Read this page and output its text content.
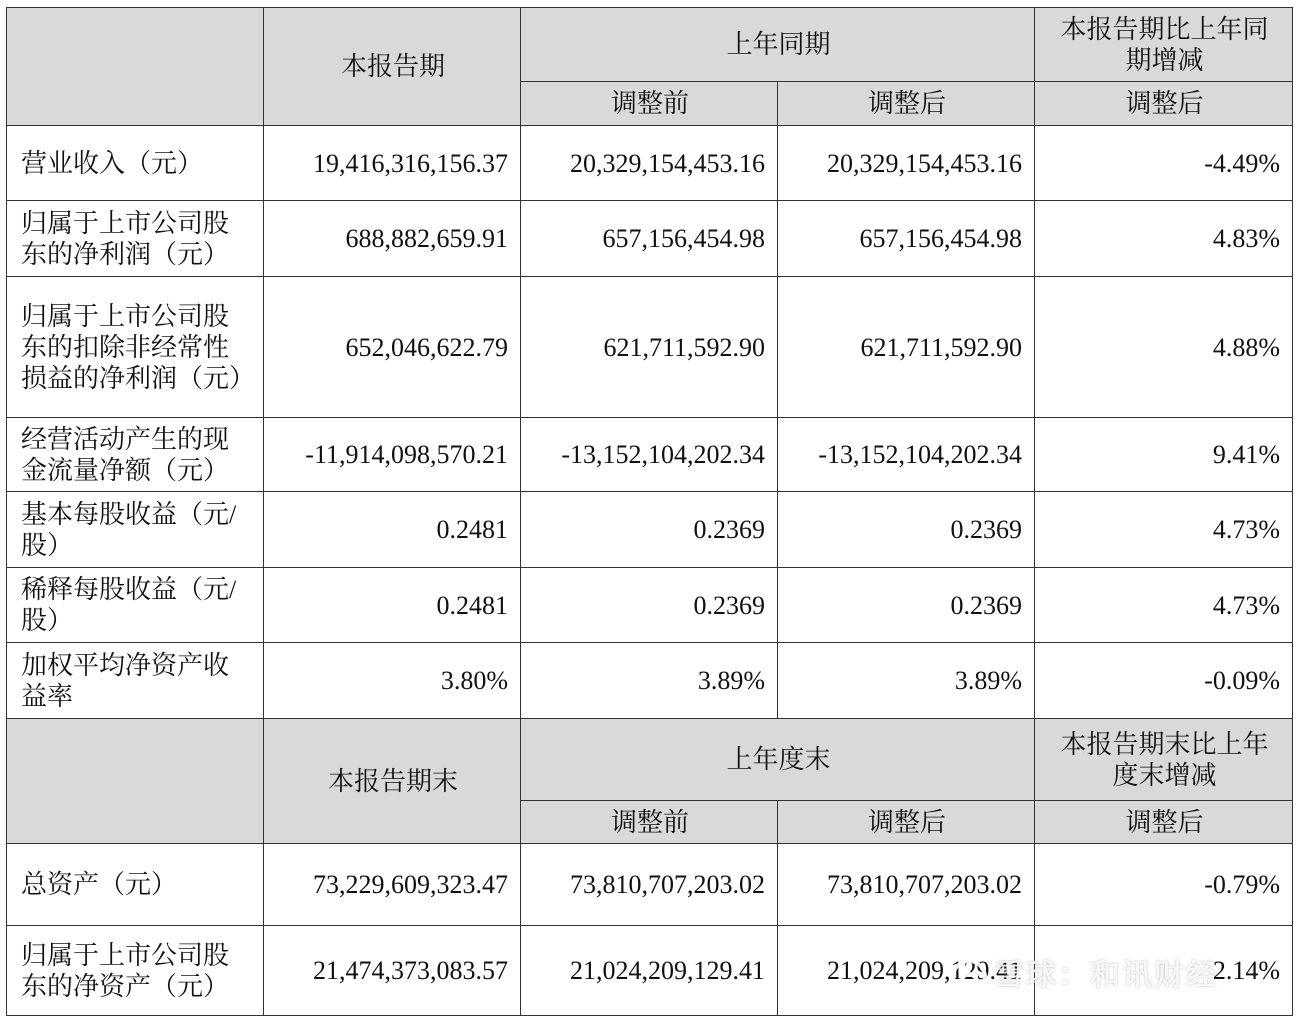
	本报告期	上年同期		本报告期比上年同期增减
		调整前	调整后	调整后
营业收入（元）	19,416,316,156.37	20,329,154,453.16	20,329,154,453.16	-4.49%
归属于上市公司股东的净利润（元）	688,882,659.91	657,156,454.98	657,156,454.98	4.83%
归属于上市公司股东的扣除非经常性损益的净利润（元）	652,046,622.79	621,711,592.90	621,711,592.90	4.88%
经营活动产生的现金流量净额（元）	-11,914,098,570.21	-13,152,104,202.34	-13,152,104,202.34	9.41%
基本每股收益（元/股）	0.2481	0.2369	0.2369	4.73%
稀释每股收益（元/股）	0.2481	0.2369	0.2369	4.73%
加权平均净资产收益率	3.80%	3.89%	3.89%	-0.09%
	本报告期末	上年度末		本报告期末比上年度末增减
		调整前	调整后	调整后
总资产（元）	73,229,609,323.47	73,810,707,203.02	73,810,707,203.02	-0.79%
归属于上市公司股东的净资产（元）	21,474,373,083.57	21,024,209,129.41	21,024,209,129.41	2.14%
雪球：和讯财经
